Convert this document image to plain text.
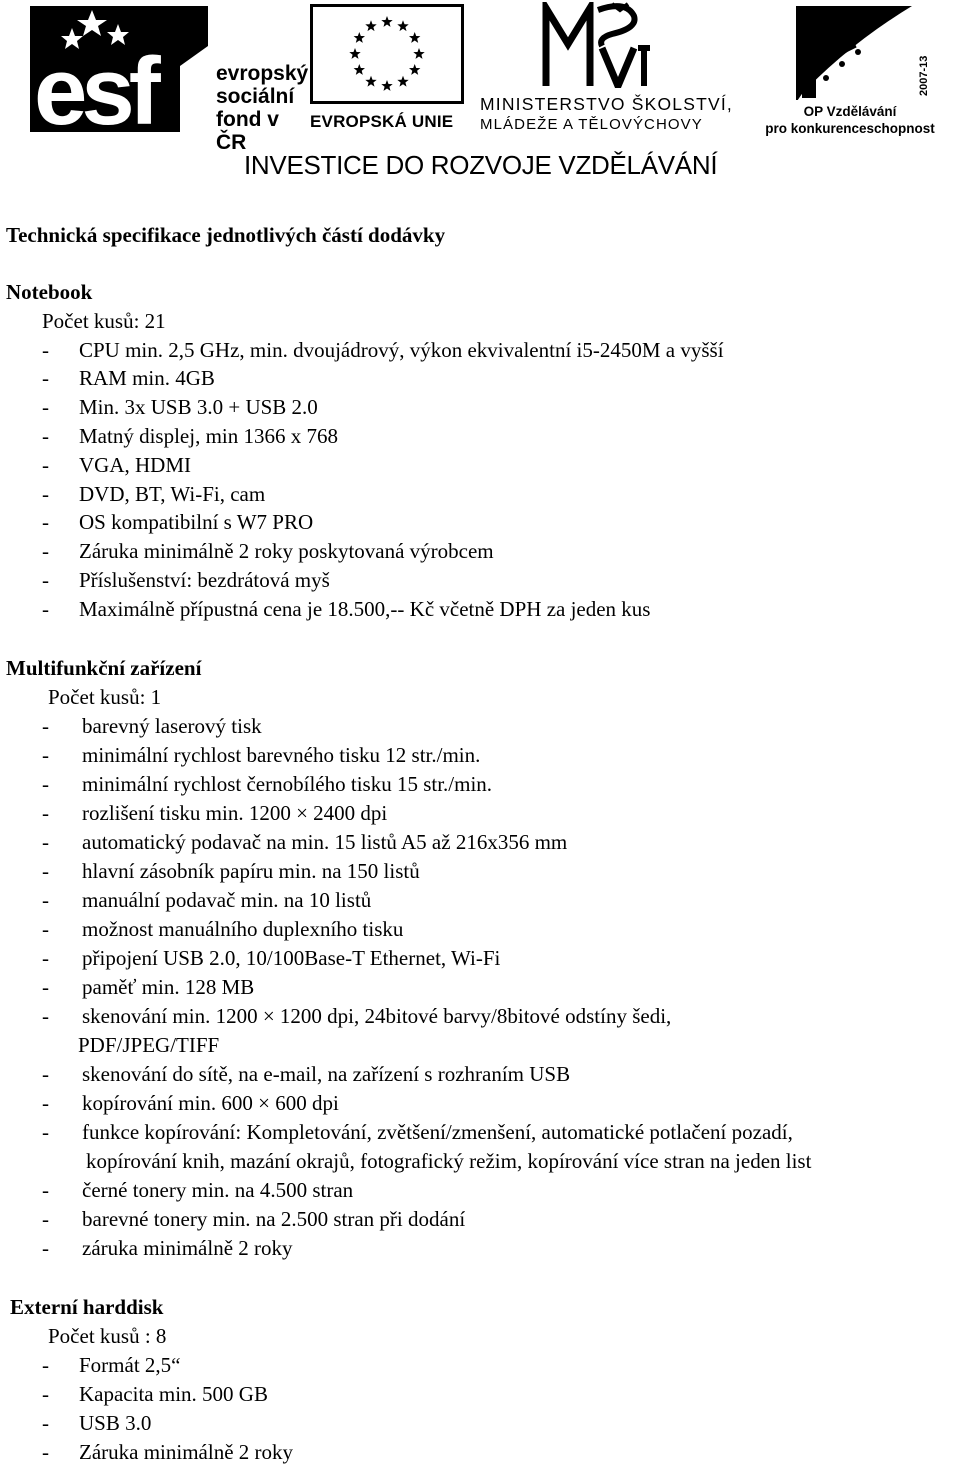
esf	evropský
sociální
fond v ČR
EVROPSKÁ UNIE
MINISTERSTVO ŠKOLSTVÍ,
MLÁDEŽE A TĚLOVÝCHOVY
2007-13
OP Vzdělávání
pro konkurenceschopnost
INVESTICE DO ROZVOJE VZDĚLÁVÁNÍ
Technická specifikace jednotlivých částí dodávky
Notebook
Počet kusů: 21
- CPU min. 2,5 GHz, min. dvoujádrový, výkon ekvivalentní i5-2450M a vyšší
- RAM min. 4GB
- Min. 3x USB 3.0 + USB 2.0
- Matný displej, min 1366 x 768
- VGA, HDMI
- DVD, BT, Wi-Fi, cam
- OS kompatibilní s W7 PRO
- Záruka minimálně 2 roky poskytovaná výrobcem
- Příslušenství: bezdrátová myš
- Maximálně přípustná cena je 18.500,-- Kč včetně DPH za jeden kus
Multifunkční zařízení
Počet kusů: 1
- barevný laserový tisk
- minimální rychlost barevného tisku 12 str./min.
- minimální rychlost černobílého tisku 15 str./min.
- rozlišení tisku min. 1200 × 2400 dpi
- automatický podavač na min. 15 listů A5 až 216x356 mm
- hlavní zásobník papíru min. na 150 listů
- manuální podavač min. na 10 listů
- možnost manuálního duplexního tisku
- připojení USB 2.0, 10/100Base-T Ethernet, Wi-Fi
- paměť min. 128 MB
- skenování min. 1200 × 1200 dpi, 24bitové barvy/8bitové odstíny šedi,
PDF/JPEG/TIFF
- skenování do sítě, na e-mail, na zařízení s rozhraním USB
- kopírování min. 600 × 600 dpi
- funkce kopírování: Kompletování, zvětšení/zmenšení, automatické potlačení pozadí,
kopírování knih, mazání okrajů, fotografický režim, kopírování více stran na jeden list
- černé tonery min. na 4.500 stran
- barevné tonery min. na 2.500 stran při dodání
- záruka minimálně 2 roky
Externí harddisk
Počet kusů : 8
- Formát 2,5“
- Kapacita min. 500 GB
- USB 3.0
- Záruka minimálně 2 roky
